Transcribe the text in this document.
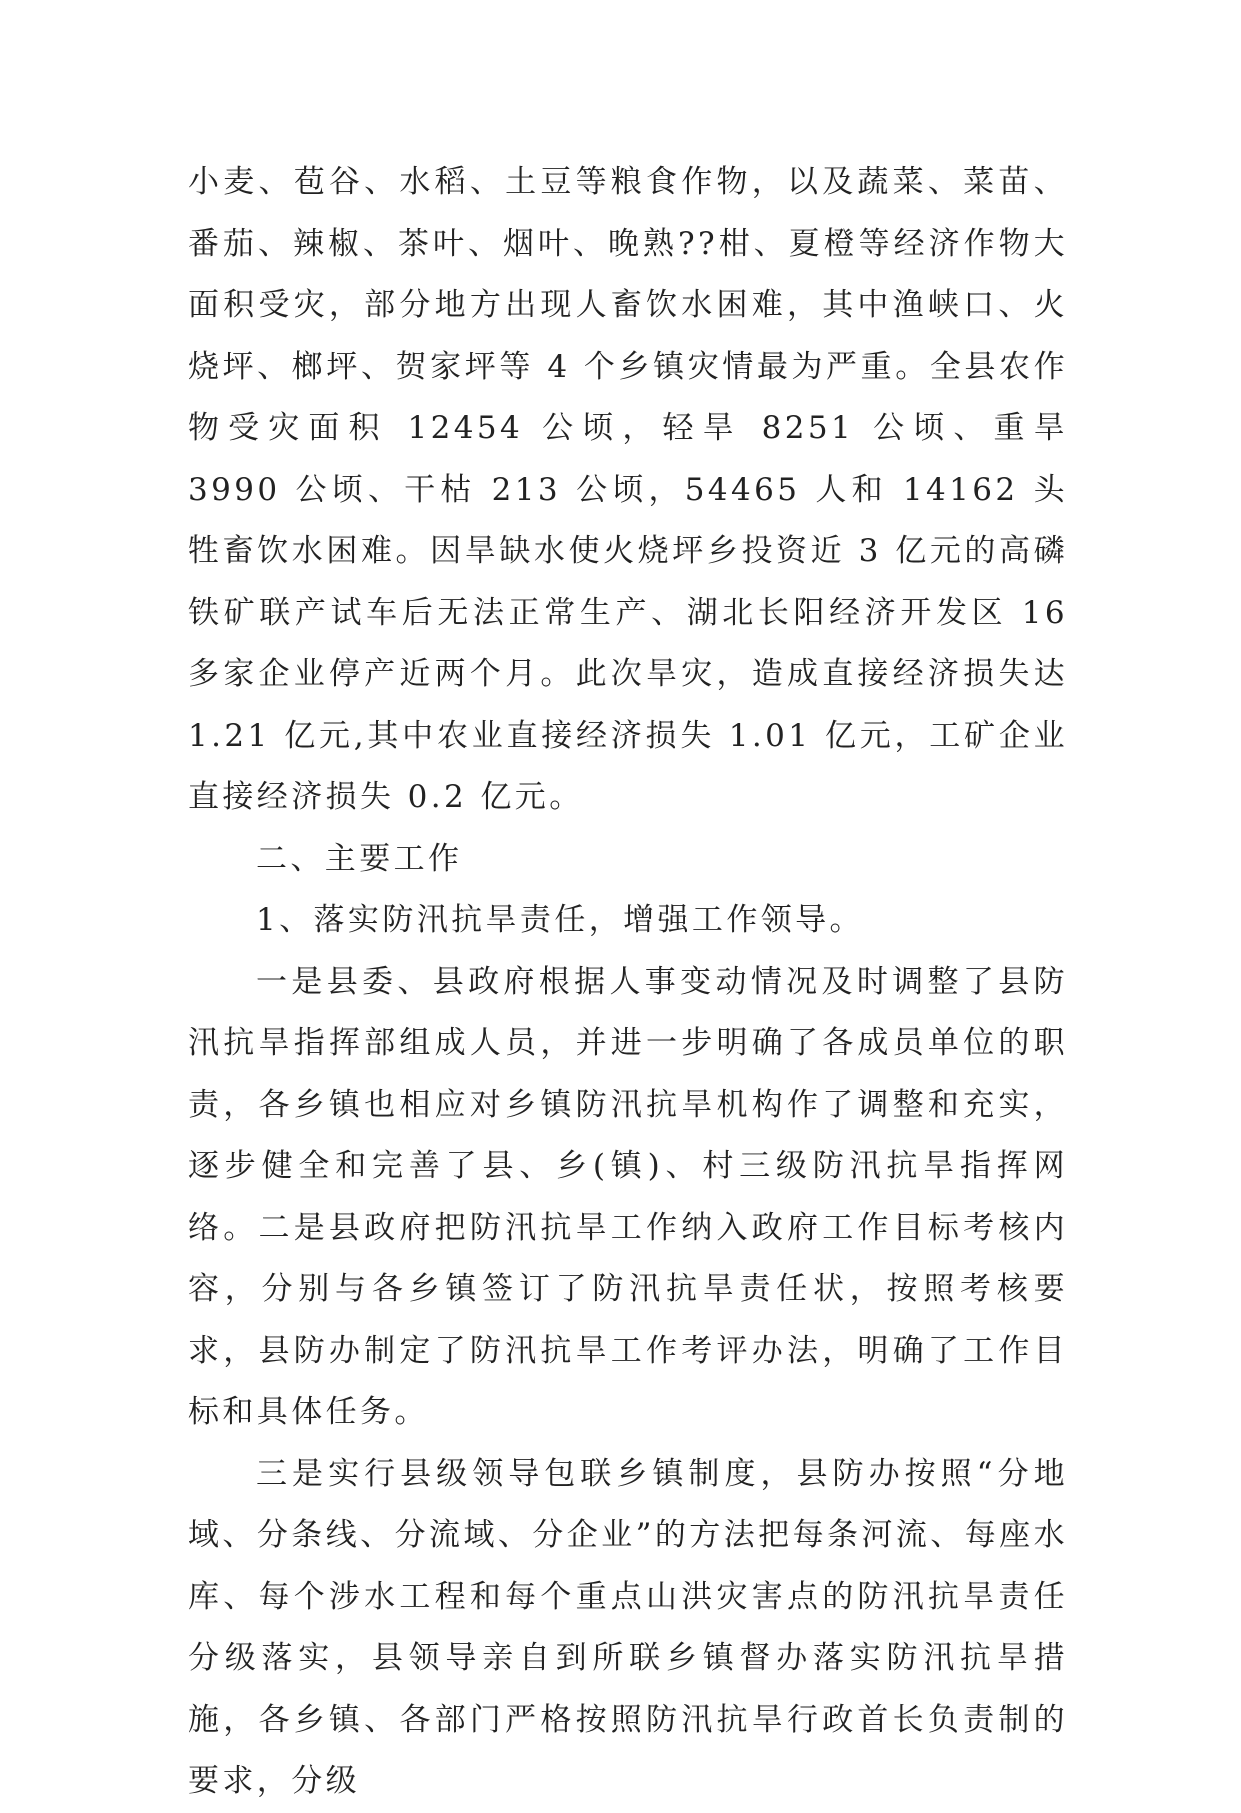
小麦、苞谷、水稻、土豆等粮食作物，以及蔬菜、菜苗、番茄、辣椒、茶叶、烟叶、晚熟??柑、夏橙等经济作物大面积受灾，部分地方出现人畜饮水困难，其中渔峡口、火烧坪、榔坪、贺家坪等 4 个乡镇灾情最为严重。全县农作物受灾面积 12454 公顷，轻旱 8251 公顷、重旱 3990 公顷、干枯 213 公顷，54465 人和 14162 头牲畜饮水困难。因旱缺水使火烧坪乡投资近 3 亿元的高磷铁矿联产试车后无法正常生产、湖北长阳经济开发区 16 多家企业停产近两个月。此次旱灾，造成直接经济损失达 1.21 亿元,其中农业直接经济损失 1.01 亿元，工矿企业直接经济损失 0.2 亿元。

二、主要工作

1、落实防汛抗旱责任，增强工作领导。

一是县委、县政府根据人事变动情况及时调整了县防汛抗旱指挥部组成人员，并进一步明确了各成员单位的职责，各乡镇也相应对乡镇防汛抗旱机构作了调整和充实，逐步健全和完善了县、乡(镇)、村三级防汛抗旱指挥网络。二是县政府把防汛抗旱工作纳入政府工作目标考核内容，分别与各乡镇签订了防汛抗旱责任状，按照考核要求，县防办制定了防汛抗旱工作考评办法，明确了工作目标和具体任务。

三是实行县级领导包联乡镇制度，县防办按照“分地域、分条线、分流域、分企业”的方法把每条河流、每座水库、每个涉水工程和每个重点山洪灾害点的防汛抗旱责任分级落实，县领导亲自到所联乡镇督办落实防汛抗旱措施，各乡镇、各部门严格按照防汛抗旱行政首长负责制的要求，分级
